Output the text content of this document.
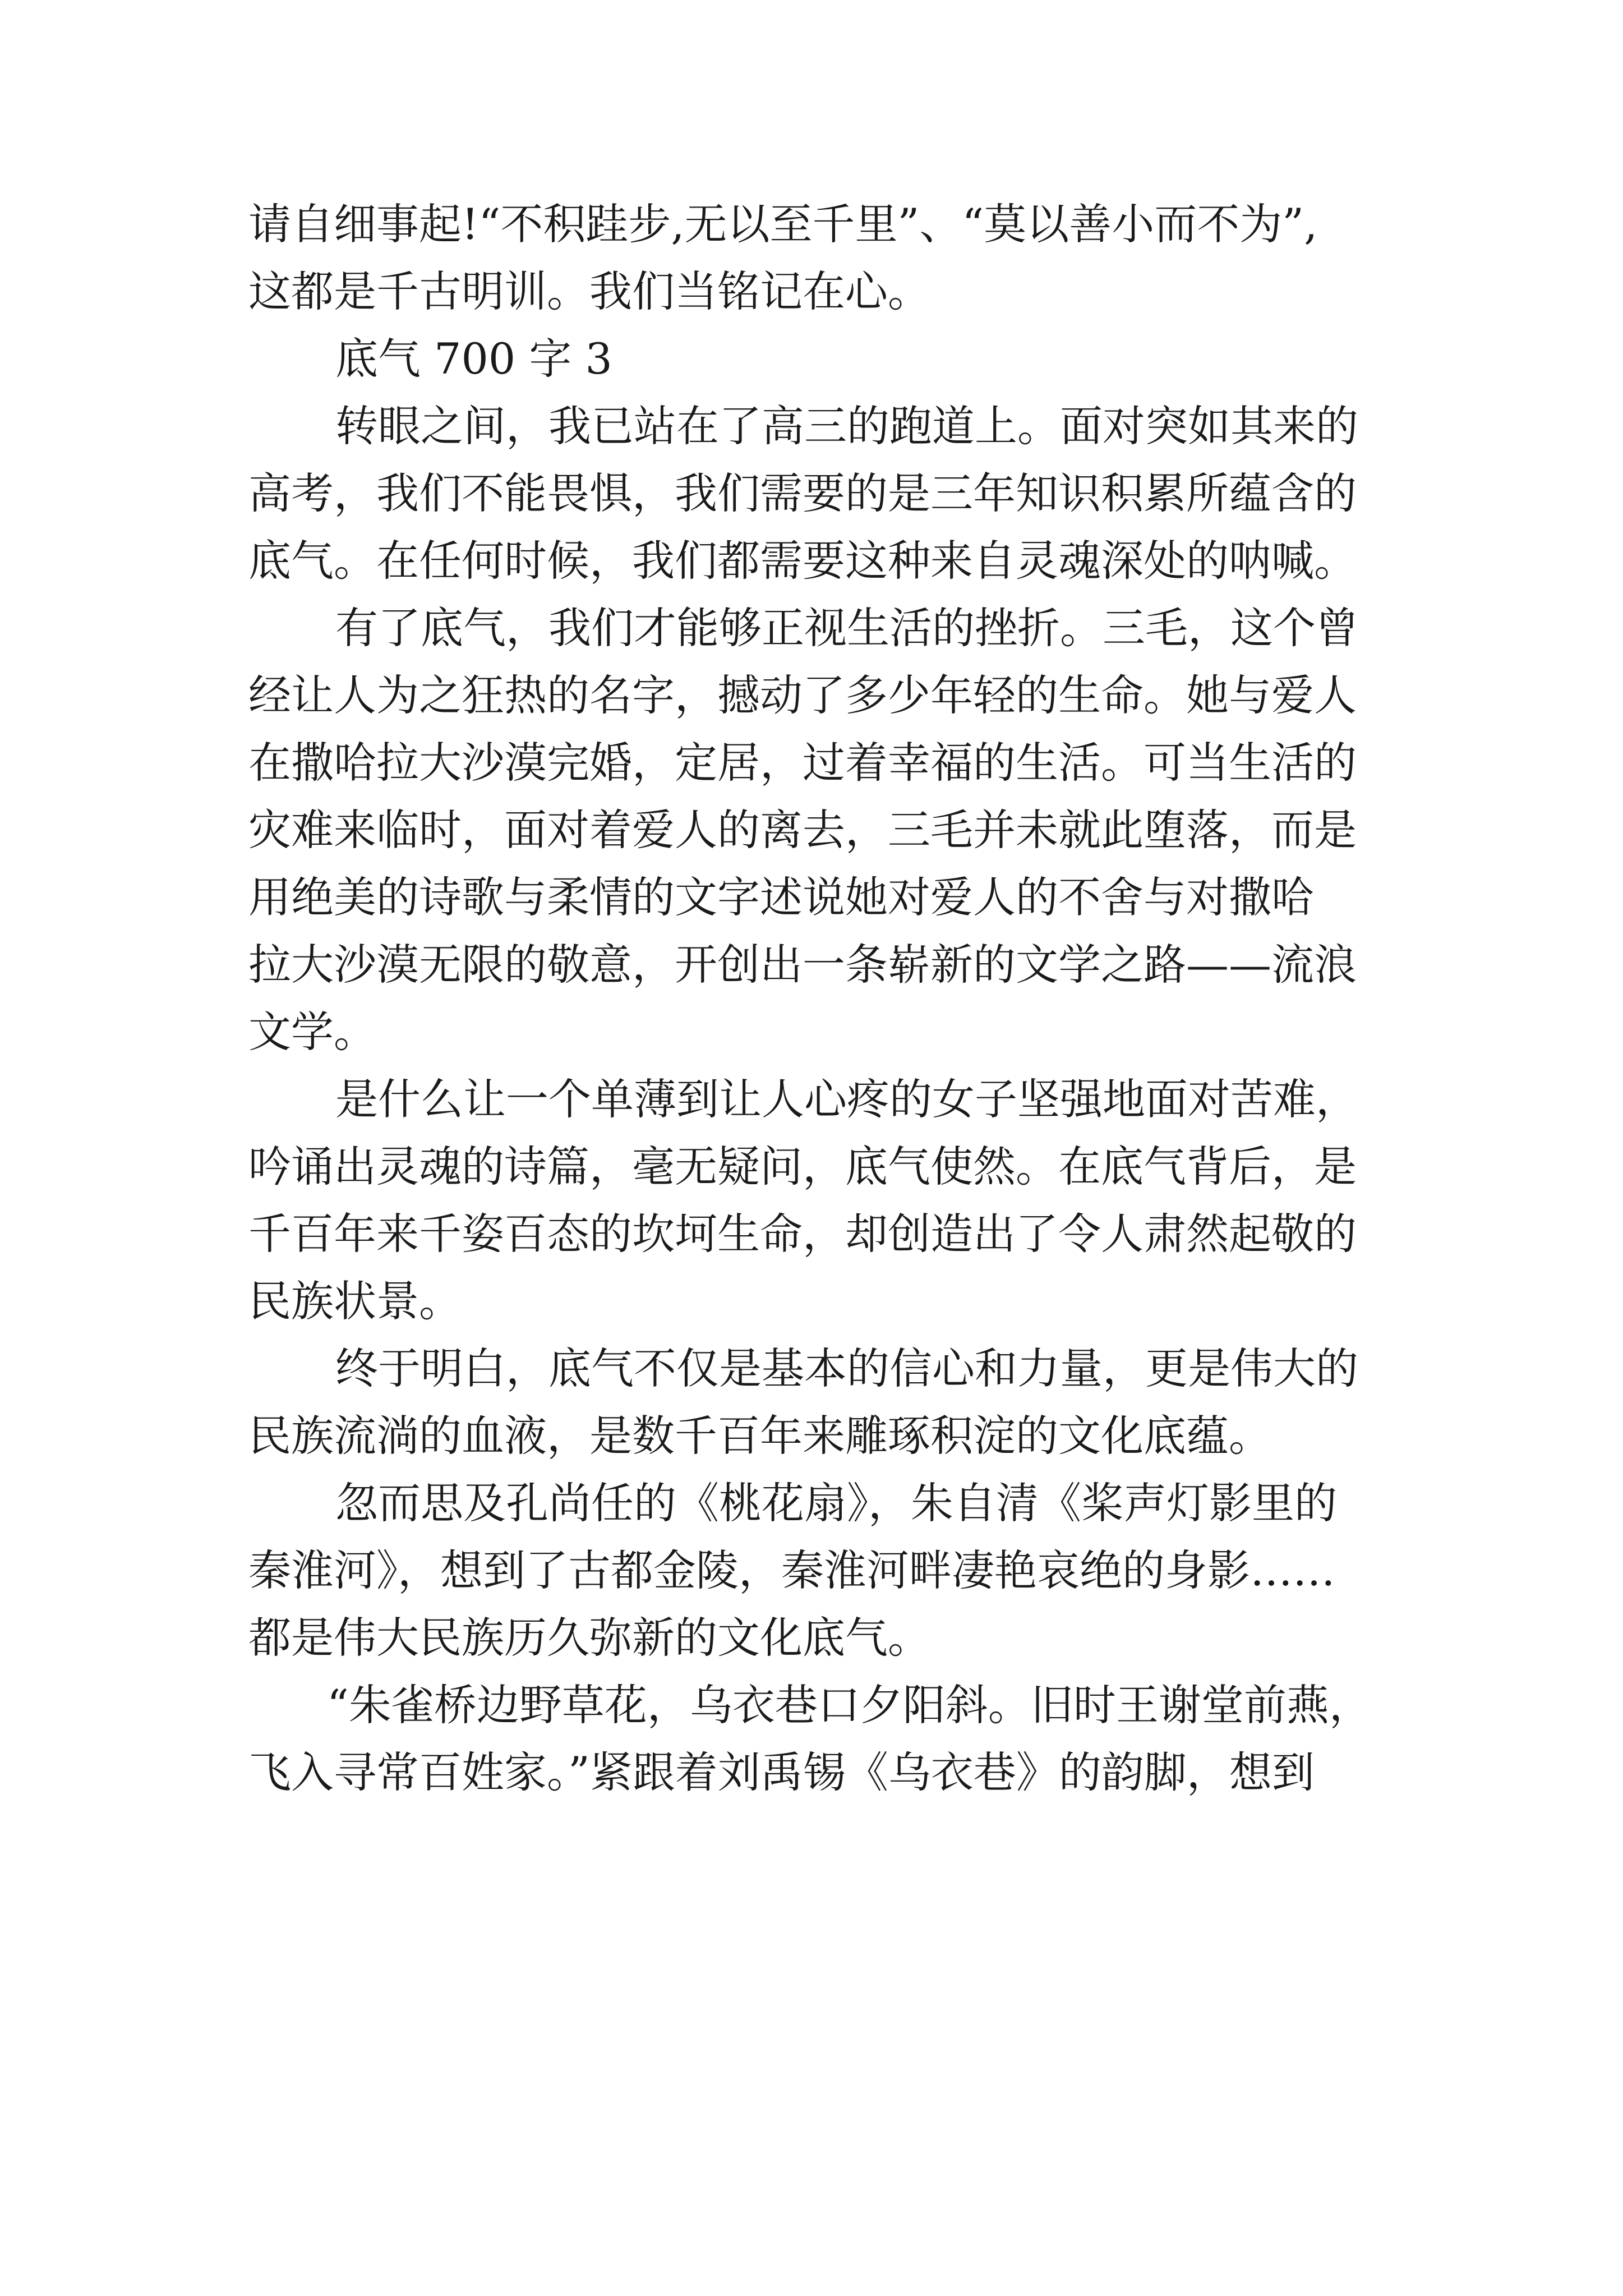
请自细事起!“不积跬步,无以至千里”、“莫以善小而不为”,
这都是千古明训。我们当铭记在心。
底气 700 字 3
转眼之间，我已站在了高三的跑道上。面对突如其来的
高考，我们不能畏惧，我们需要的是三年知识积累所蕴含的
底气。在任何时候，我们都需要这种来自灵魂深处的呐喊。
有了底气，我们才能够正视生活的挫折。三毛，这个曾
经让人为之狂热的名字，撼动了多少年轻的生命。她与爱人
在撒哈拉大沙漠完婚，定居，过着幸福的生活。可当生活的
灾难来临时，面对着爱人的离去，三毛并未就此堕落，而是
用绝美的诗歌与柔情的文字述说她对爱人的不舍与对撒哈
拉大沙漠无限的敬意，开创出一条崭新的文学之路——流浪
文学。
是什么让一个单薄到让人心疼的女子坚强地面对苦难，
吟诵出灵魂的诗篇，毫无疑问，底气使然。在底气背后，是
千百年来千姿百态的坎坷生命，却创造出了令人肃然起敬的
民族状景。
终于明白，底气不仅是基本的信心和力量，更是伟大的
民族流淌的血液，是数千百年来雕琢积淀的文化底蕴。
忽而思及孔尚任的《桃花扇》，朱自清《桨声灯影里的
秦淮河》，想到了古都金陵，秦淮河畔凄艳哀绝的身影……
都是伟大民族历久弥新的文化底气。
“朱雀桥边野草花，乌衣巷口夕阳斜。旧时王谢堂前燕，
飞入寻常百姓家。”紧跟着刘禹锡《乌衣巷》的韵脚，想到
